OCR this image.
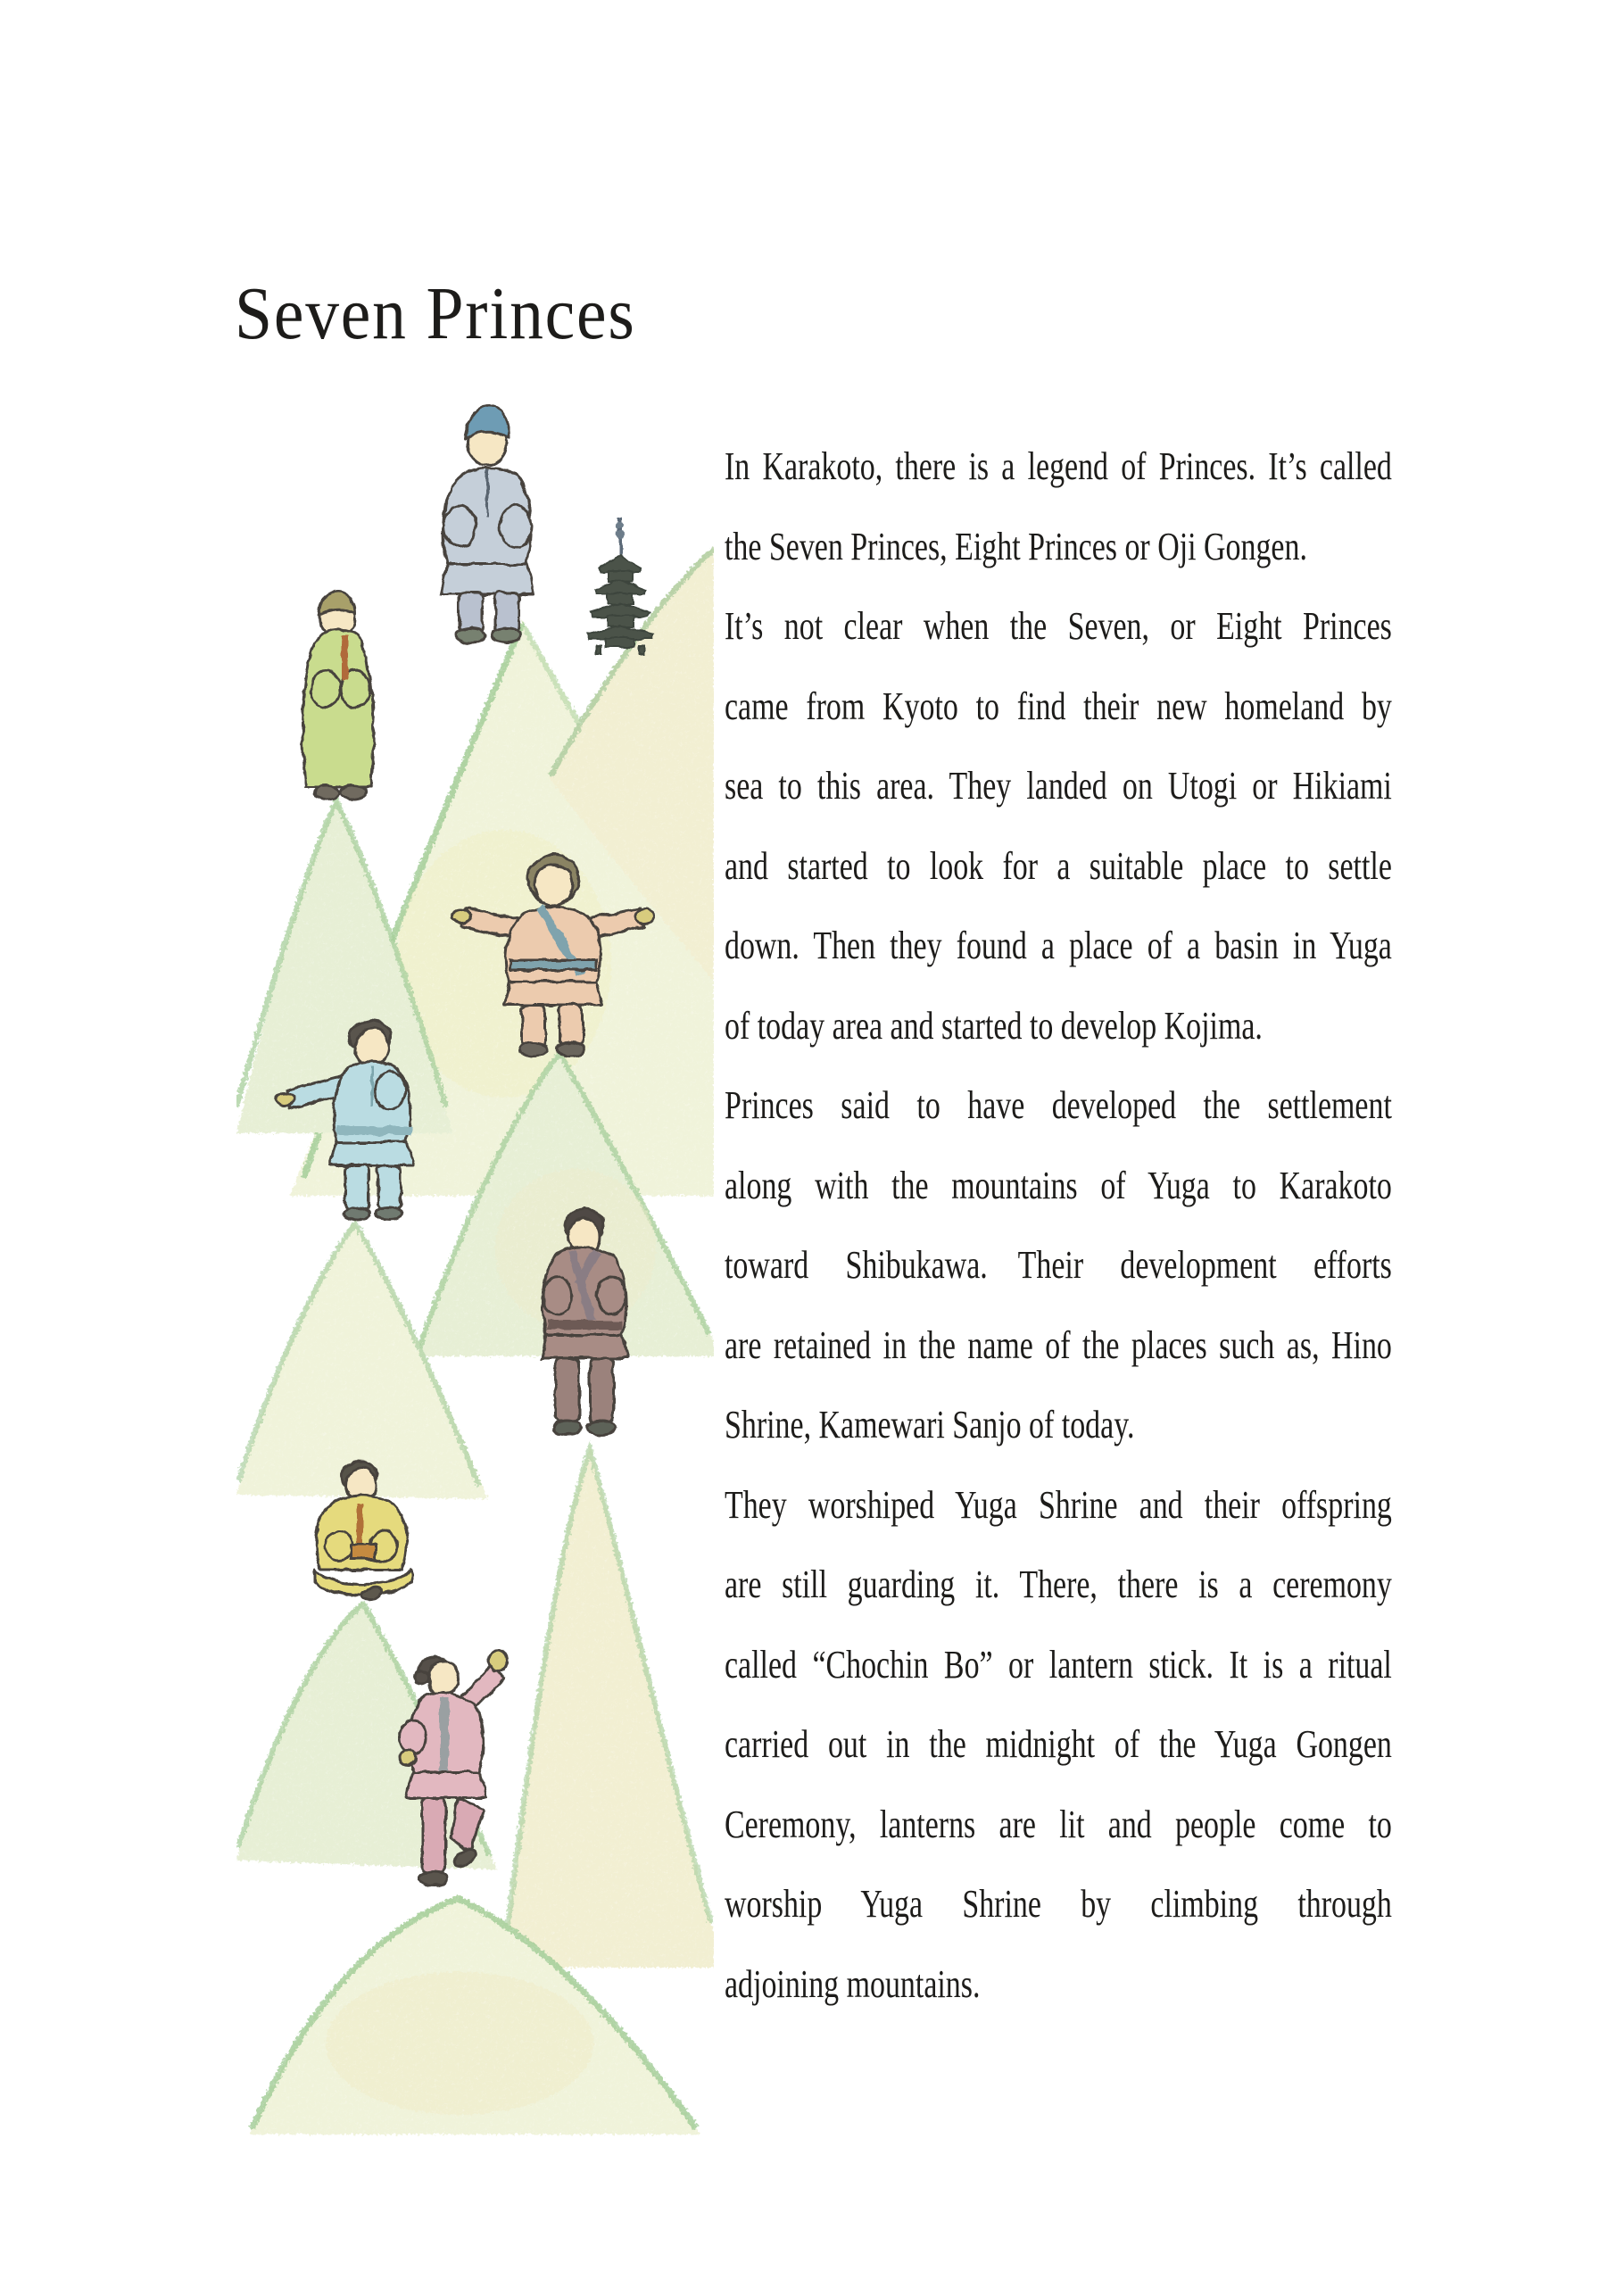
Seven Princes
In Karakoto, there is a legend of Princes. It’s called
the Seven Princes, Eight Princes or Oji Gongen.
It’s not clear when the Seven, or Eight Princes
came from Kyoto to find their new homeland by
sea to this area. They landed on Utogi or Hikiami
and started to look for a suitable place to settle
down. Then they found a place of a basin in Yuga
of today area and started to develop Kojima.
Princes said to have developed the settlement
along with the mountains of Yuga to Karakoto
toward Shibukawa. Their development efforts
are retained in the name of the places such as, Hino
Shrine, Kamewari Sanjo of today.
They worshiped Yuga Shrine and their offspring
are still guarding it. There, there is a ceremony
called “Chochin Bo” or lantern stick. It is a ritual
carried out in the midnight of the Yuga Gongen
Ceremony, lanterns are lit and people come to
worship Yuga Shrine by climbing through
adjoining mountains.
